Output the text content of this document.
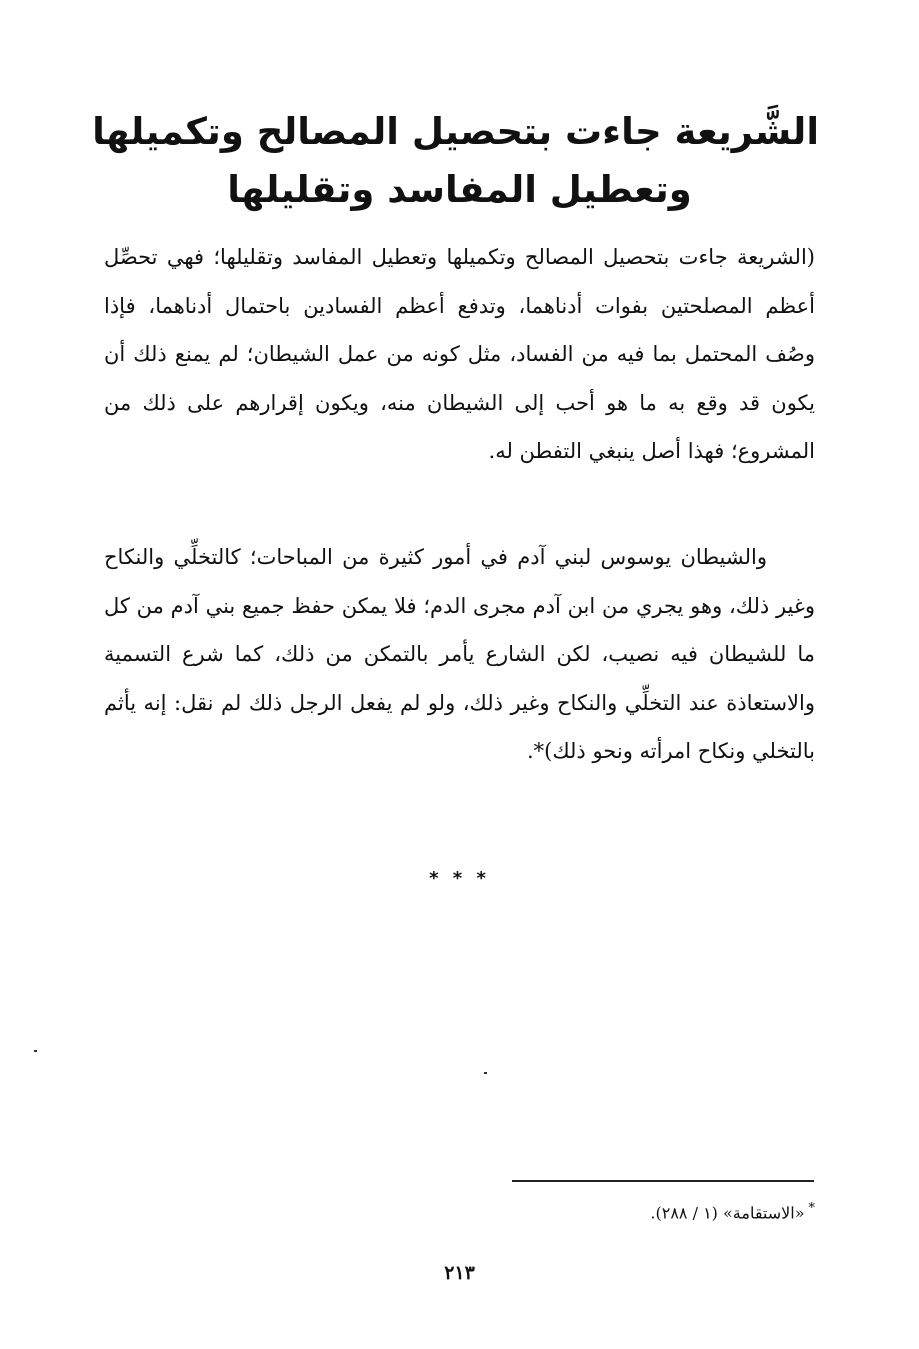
الشَّريعة جاءت بتحصيل المصالح وتكميلها
وتعطيل المفاسد وتقليلها

(الشريعة جاءت بتحصيل المصالح وتكميلها وتعطيل المفاسد وتقليلها؛ فهي تحصِّل أعظم المصلحتين بفوات أدناهما، وتدفع أعظم الفسادين باحتمال أدناهما، فإذا وصُف المحتمل بما فيه من الفساد، مثل كونه من عمل الشيطان؛ لم يمنع ذلك أن يكون قد وقع به ما هو أحب إلى الشيطان منه، ويكون إقرارهم على ذلك من المشروع؛ فهذا أصل ينبغي التفطن له.

والشيطان يوسوس لبني آدم في أمور كثيرة من المباحات؛ كالتخلِّي والنكاح وغير ذلك، وهو يجري من ابن آدم مجرى الدم؛ فلا يمكن حفظ جميع بني آدم من كل ما للشيطان فيه نصيب، لكن الشارع يأمر بالتمكن من ذلك، كما شرع التسمية والاستعاذة عند التخلِّي والنكاح وغير ذلك، ولو لم يفعل الرجل ذلك لم نقل: إنه يأثم بالتخلي ونكاح امرأته ونحو ذلك)*.

* * *
*«الاستقامة» (١ / ٢٨٨).
٢١٣
